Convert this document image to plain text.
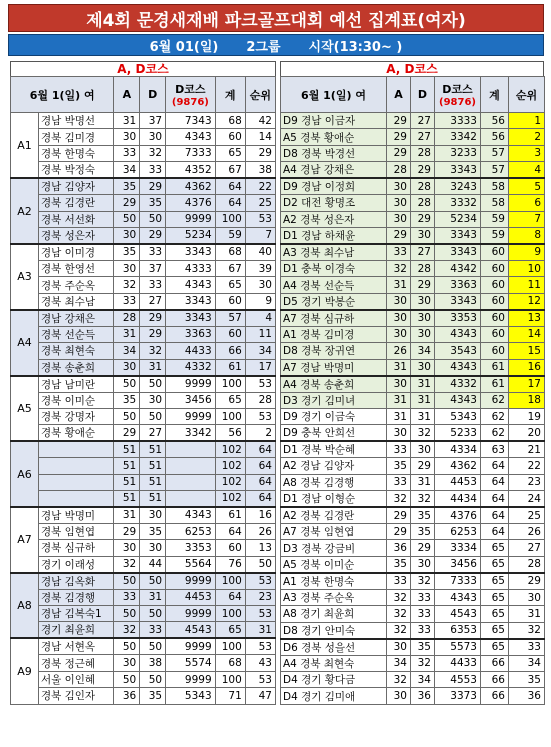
제4회 문경새재배 파크골프대회 예선 집계표(여자)
6월 01(일) 2그룹 시작(13:30~ )
A, D코스
6월 1(일) 여		A	D	D코스
(9876)	계	순위
A1	경남 박명선	31	37	7343	68	42
	경북 김미경	30	30	4343	60	14
	경북 한명숙	33	32	7333	65	29
	경북 박정숙	34	33	4352	67	38
A2	경남 김양자	35	29	4362	64	22
	경북 김경란	29	35	4376	64	25
	경북 서선화	50	50	9999	100	53
	경북 성은자	30	29	5234	59	7
A3	경남 이미경	35	33	3343	68	40
	경북 한영선	30	37	4333	67	39
	경북 주순옥	32	33	4343	65	30
	경북 최수남	33	27	3343	60	9
A4	경남 강채은	28	29	3343	57	4
	경북 선순득	31	29	3363	60	11
	경북 최현숙	34	32	4433	66	34
	경북 송춘희	30	31	4332	61	17
A5	경남 남미란	50	50	9999	100	53
	경북 이미순	35	30	3456	65	28
	경북 강명자	50	50	9999	100	53
	경북 황애순	29	27	3342	56	2
A6		51	51		102	64
		51	51		102	64
		51	51		102	64
		51	51		102	64
A7	경남 박명미	31	30	4343	61	16
	경북 임현엽	29	35	6253	64	26
	경북 심규하	30	30	3353	60	13
	경기 이래성	32	44	5564	76	50
A8	경남 김옥화	50	50	9999	100	53
	경북 김경행	33	31	4453	64	23
	경남 김복숙1	50	50	9999	100	53
	경기 최윤희	32	33	4543	65	31
A9	경남 서현옥	50	50	9999	100	53
	경북 정근혜	30	38	5574	68	43
	서울 이인혜	50	50	9999	100	53
	경북 김인자	36	35	5343	71	47
A, D코스
6월 1(일) 여	A	D	D코스
(9876)	계	순위
D9 경남 이금자	29	27	3333	56	1
A5 경북 황애순	29	27	3342	56	2
D8 경북 박경선	29	28	3233	57	3
A4 경남 강채은	28	29	3343	57	4
D9 경남 이정희	30	28	3243	58	5
D2 대전 황명조	30	28	3332	58	6
A2 경북 성은자	30	29	5234	59	7
D1 경남 하채윤	29	30	3343	59	8
A3 경북 최수남	33	27	3343	60	9
D1 충북 이경숙	32	28	4342	60	10
A4 경북 선순득	31	29	3363	60	11
D5 경기 박봉순	30	30	3343	60	12
A7 경북 심규하	30	30	3353	60	13
A1 경북 김미경	30	30	4343	60	14
D8 경북 장귀연	26	34	3543	60	15
A7 경남 박명미	31	30	4343	61	16
A4 경북 송춘희	30	31	4332	61	17
D3 경기 김미녀	31	31	4343	62	18
D9 경기 이금숙	31	31	5343	62	19
D9 충북 안희선	30	32	5233	62	20
D1 경북 박순혜	33	30	4334	63	21
A2 경남 김양자	35	29	4362	64	22
A8 경북 김경행	33	31	4453	64	23
D1 경남 이형순	32	32	4434	64	24
A2 경북 김경란	29	35	4376	64	25
A7 경북 임현엽	29	35	6253	64	26
D3 경북 강금비	36	29	3334	65	27
A5 경북 이미순	35	30	3456	65	28
A1 경북 한명숙	33	32	7333	65	29
A3 경북 주순옥	32	33	4343	65	30
A8 경기 최윤희	32	33	4543	65	31
D8 경기 안미숙	32	33	6353	65	32
D6 경북 성을선	30	35	5573	65	33
A4 경북 최현숙	34	32	4433	66	34
D4 경기 황다금	32	34	4553	66	35
D4 경기 김미애	30	36	3373	66	36
